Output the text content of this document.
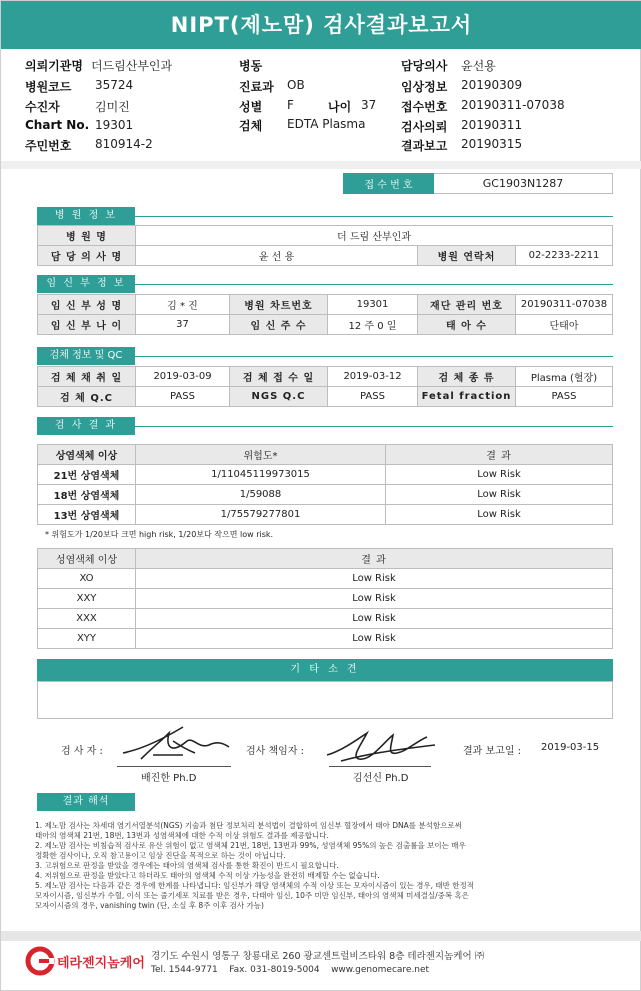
NIPT(제노맘) 검사결과보고서
의뢰기관명 더드림산부인과
병원코드 35724
수진자	김미진
Chart No. 19301
주민번호 810914-2
병동
진료과 OB
성별 F	나이 37
검체 EDTA Plasma
담당의사 윤선용
임상정보 20190309
접수번호 20190311-07038
검사의뢰 20190311
결과보고 20190315
접 수 번 호	GC1903N1287
병 원 정 보
병 원 명	더 드림 산부인과		
담 당 의 사 명	윤 선 용	병원 연락처	02-2233-2211
임 신 부 정 보
임 신 부 성 명	김 * 진	병원 차트번호	19301	재단 관리 번호	20190311-07038
임 신 부 나 이	37	임 신 주 수	12 주 0 일	태 아 수	단태아
검체 정보 및 QC
검 체 채 취 일	2019-03-09	검 체 접 수 일	2019-03-12	검 체 종 류	Plasma (혈장)
검 체 Q.C	PASS	NGS Q.C	PASS	Fetal fraction	PASS
검 사 결 과
상염색체 이상	위험도*	결 과
21번 상염색체	1/11045119973015	Low Risk
18번 상염색체	1/59088	Low Risk
13번 상염색체	1/75579277801	Low Risk
* 위험도가 1/20보다 크면 high risk, 1/20보다 작으면 low risk.
성염색체 이상	결 과
XO	Low Risk
XXY	Low Risk
XXX	Low Risk
XYY	Low Risk
기 타 소 견
검 사 자 :
배진한 Ph.D
검사 책임자 :
김선신 Ph.D
결과 보고일 : 2019-03-15
결과 해석
1. 제노맘 검사는 차세대 염기서열분석(NGS) 기술과 첨단 정보처리 분석법이 결합하여 임신부 혈장에서 태아 DNA를 분석함으로써
태아의 염색체 21번, 18번, 13번과 성염색체에 대한 수적 이상 위험도 결과를 제공합니다.
2. 제노맘 검사는 비침습적 검사로 유산 위험이 없고 염색체 21번, 18번, 13번과 99%, 성염색체 95%의 높은 검출률을 보이는 매우
정확한 검사이나, 오직 참고용이고 임상 진단을 목적으로 하는 것이 아닙니다.
3. 고위험으로 판정을 받았을 경우에는 태아의 염색체 검사를 통한 확진이 반드시 필요합니다.
4. 저위험으로 판정을 받았다고 하더라도 태아의 염색체 수적 이상 가능성을 완전히 배제할 수는 없습니다.
5. 제노맘 검사는 다음과 같은 경우에 한계를 나타냅니다: 임신부가 해당 염색체의 수적 이상 또는 모자이시즘이 있는 경우, 태반 한정적
모자이시즘, 임신부가 수혈, 이식 또는 줄기세포 치료를 받은 경우, 다태아 임신, 10주 미만 임신부, 태아의 염색체 미세결실/중복 혹은
모자이시즘의 경우, vanishing twin (단, 소실 후 8주 이후 검사 가능)
테라젠지놈케어 경기도 수원시 영통구 창룡대로 260 광교센트럴비즈타워 8층 테라젠지놈케어 ㈜
Tel. 1544-9771    Fax. 031-8019-5004    www.genomecare.net
